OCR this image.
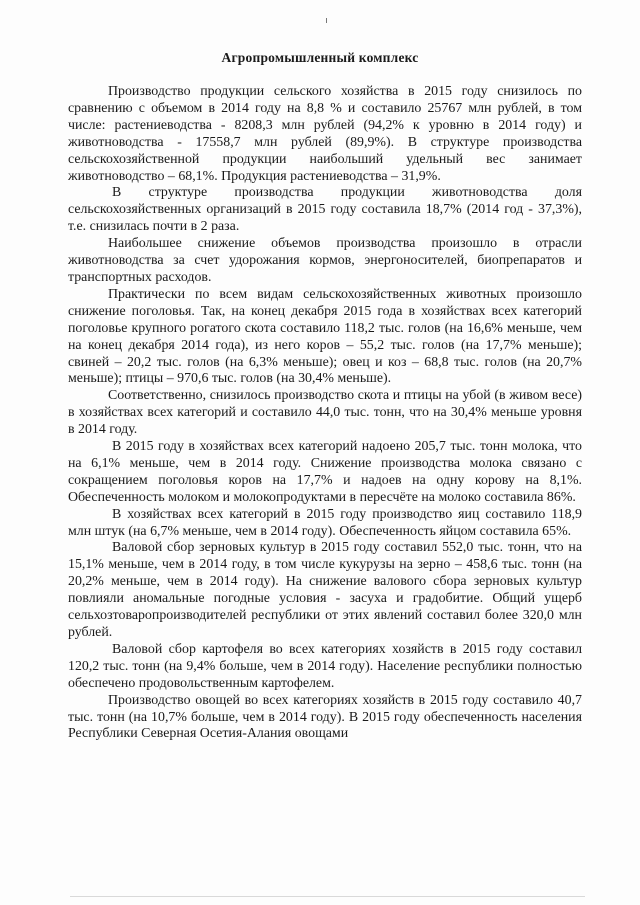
Агропромышленный комплекс

Производство продукции сельского хозяйства в 2015 году снизилось по сравнению с объемом в 2014 году на 8,8 % и составило 25767 млн рублей, в том числе: растениеводства - 8208,3 млн рублей (94,2% к уровню в 2014 году) и животноводства - 17558,7 млн рублей (89,9%). В структуре производства сельскохозяйственной продукции наибольший удельный вес занимает животноводство – 68,1%. Продукция растениеводства – 31,9%.

В структуре производства продукции животноводства доля сельскохозяйственных организаций в 2015 году составила 18,7% (2014 год - 37,3%), т.е. снизилась почти в 2 раза.

Наибольшее снижение объемов производства произошло в отрасли животноводства за счет удорожания кормов, энергоносителей, биопрепаратов и транспортных расходов.

Практически по всем видам сельскохозяйственных животных произошло снижение поголовья. Так, на конец декабря 2015 года в хозяйствах всех категорий поголовье крупного рогатого скота составило 118,2 тыс. голов (на 16,6% меньше, чем на конец декабря 2014 года), из него коров – 55,2 тыс. голов (на 17,7% меньше); свиней – 20,2 тыс. голов (на 6,3% меньше); овец и коз – 68,8 тыс. голов (на 20,7% меньше); птицы – 970,6 тыс. голов (на 30,4% меньше).

Соответственно, снизилось производство скота и птицы на убой (в живом весе) в хозяйствах всех категорий и составило 44,0 тыс. тонн, что на 30,4% меньше уровня в 2014 году.

В 2015 году в хозяйствах всех категорий надоено 205,7 тыс. тонн молока, что на 6,1% меньше, чем в 2014 году. Снижение производства молока связано с сокращением поголовья коров на 17,7% и надоев на одну корову на 8,1%. Обеспеченность молоком и молокопродуктами в пересчёте на молоко составила 86%.

В хозяйствах всех категорий в 2015 году производство яиц составило 118,9 млн штук (на 6,7% меньше, чем в 2014 году). Обеспеченность яйцом составила 65%.

Валовой сбор зерновых культур в 2015 году составил 552,0 тыс. тонн, что на 15,1% меньше, чем в 2014 году, в том числе кукурузы на зерно – 458,6 тыс. тонн (на 20,2% меньше, чем в 2014 году). На снижение валового сбора зерновых культур повлияли аномальные погодные условия - засуха и градобитие. Общий ущерб сельхозтоваропроизводителей республики от этих явлений составил более 320,0 млн рублей.

Валовой сбор картофеля во всех категориях хозяйств в 2015 году составил 120,2 тыс. тонн (на 9,4% больше, чем в 2014 году). Население республики полностью обеспечено продовольственным картофелем.

Производство овощей во всех категориях хозяйств в 2015 году составило 40,7 тыс. тонн (на 10,7% больше, чем в 2014 году). В 2015 году обеспеченность населения Республики Северная Осетия-Алания овощами
